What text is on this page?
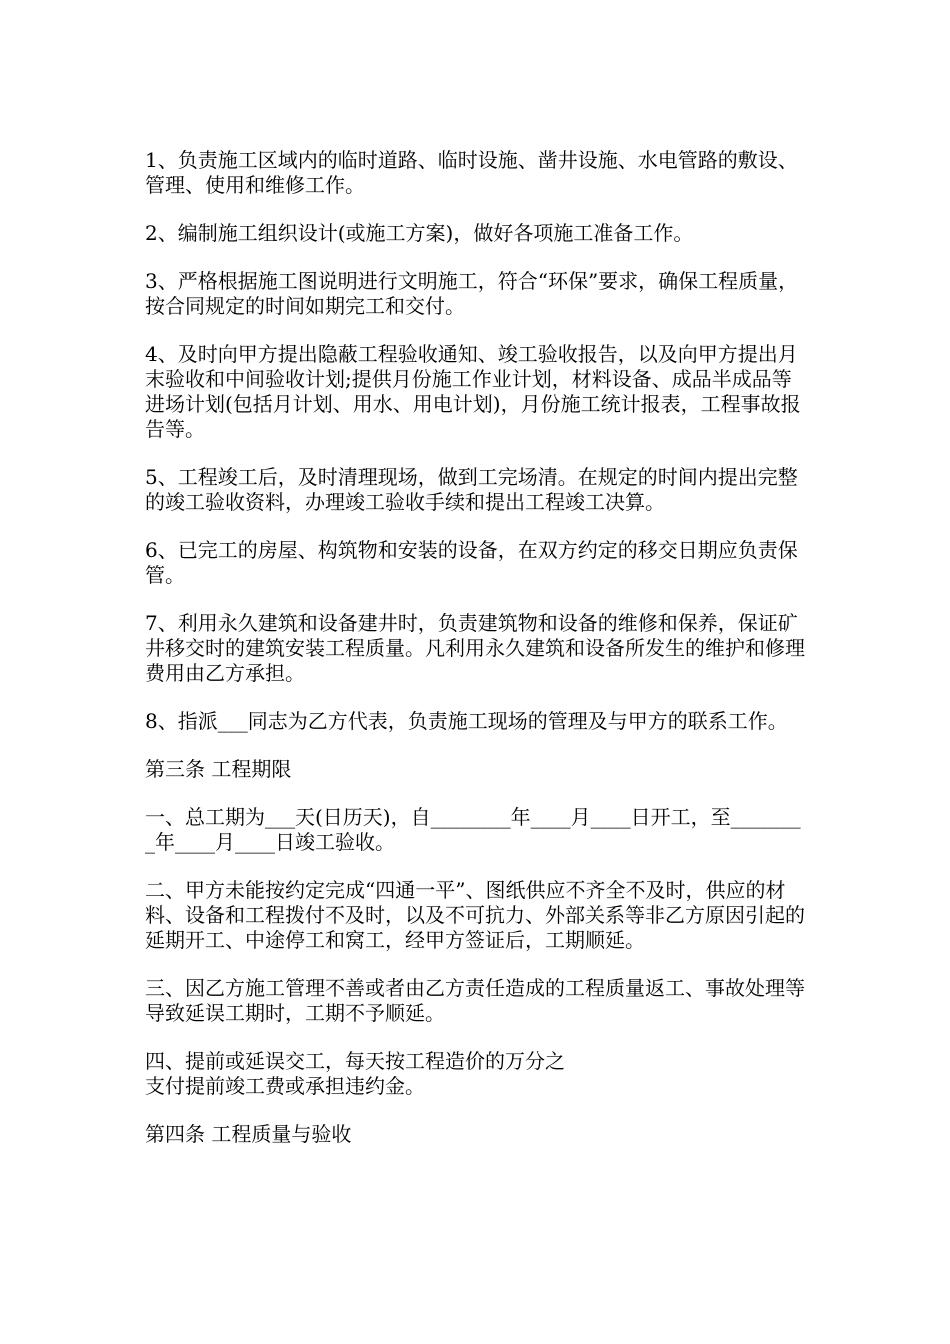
1、负责施工区域内的临时道路、临时设施、凿井设施、水电管路的敷设、管理、使用和维修工作。

2、编制施工组织设计(或施工方案)，做好各项施工准备工作。

3、严格根据施工图说明进行文明施工，符合“环保”要求，确保工程质量，按合同规定的时间如期完工和交付。

4、及时向甲方提出隐蔽工程验收通知、竣工验收报告，以及向甲方提出月末验收和中间验收计划;提供月份施工作业计划，材料设备、成品半成品等进场计划(包括月计划、用水、用电计划)，月份施工统计报表，工程事故报告等。

5、工程竣工后，及时清理现场，做到工完场清。在规定的时间内提出完整的竣工验收资料，办理竣工验收手续和提出工程竣工决算。

6、已完工的房屋、构筑物和安装的设备，在双方约定的移交日期应负责保管。

7、利用永久建筑和设备建井时，负责建筑物和设备的维修和保养，保证矿井移交时的建筑安装工程质量。凡利用永久建筑和设备所发生的维护和修理费用由乙方承担。

8、指派___同志为乙方代表，负责施工现场的管理及与甲方的联系工作。

第三条 工程期限

一、总工期为___天(日历天)，自________年____月____日开工，至________年____月____日竣工验收。

二、甲方未能按约定完成“四通一平”、图纸供应不齐全不及时，供应的材料、设备和工程拨付不及时，以及不可抗力、外部关系等非乙方原因引起的延期开工、中途停工和窝工，经甲方签证后，工期顺延。

三、因乙方施工管理不善或者由乙方责任造成的工程质量返工、事故处理等导致延误工期时，工期不予顺延。

四、提前或延误交工，每天按工程造价的万分之
支付提前竣工费或承担违约金。

第四条 工程质量与验收
